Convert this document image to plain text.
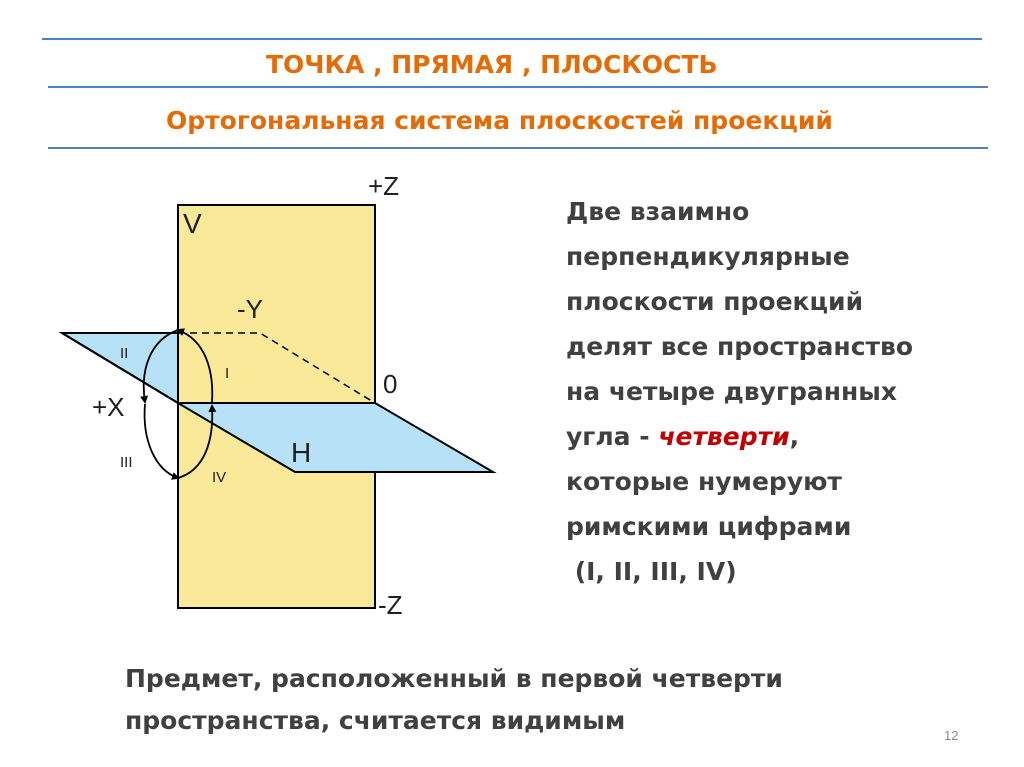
ТОЧКА , ПРЯМАЯ , ПЛОСКОСТЬ
Ортогональная система плоскостей проекций
+Z
-Z
-Y
+X
0
V
H
I
II
III
IV
Две взаимно
перпендикулярные
плоскости проекций
делят все пространство
на четыре двугранных
угла - четверти,
которые нумеруют
римскими цифрами
(I, II, III, IV)
Предмет, расположенный в первой четверти
пространства, считается видимым
12
